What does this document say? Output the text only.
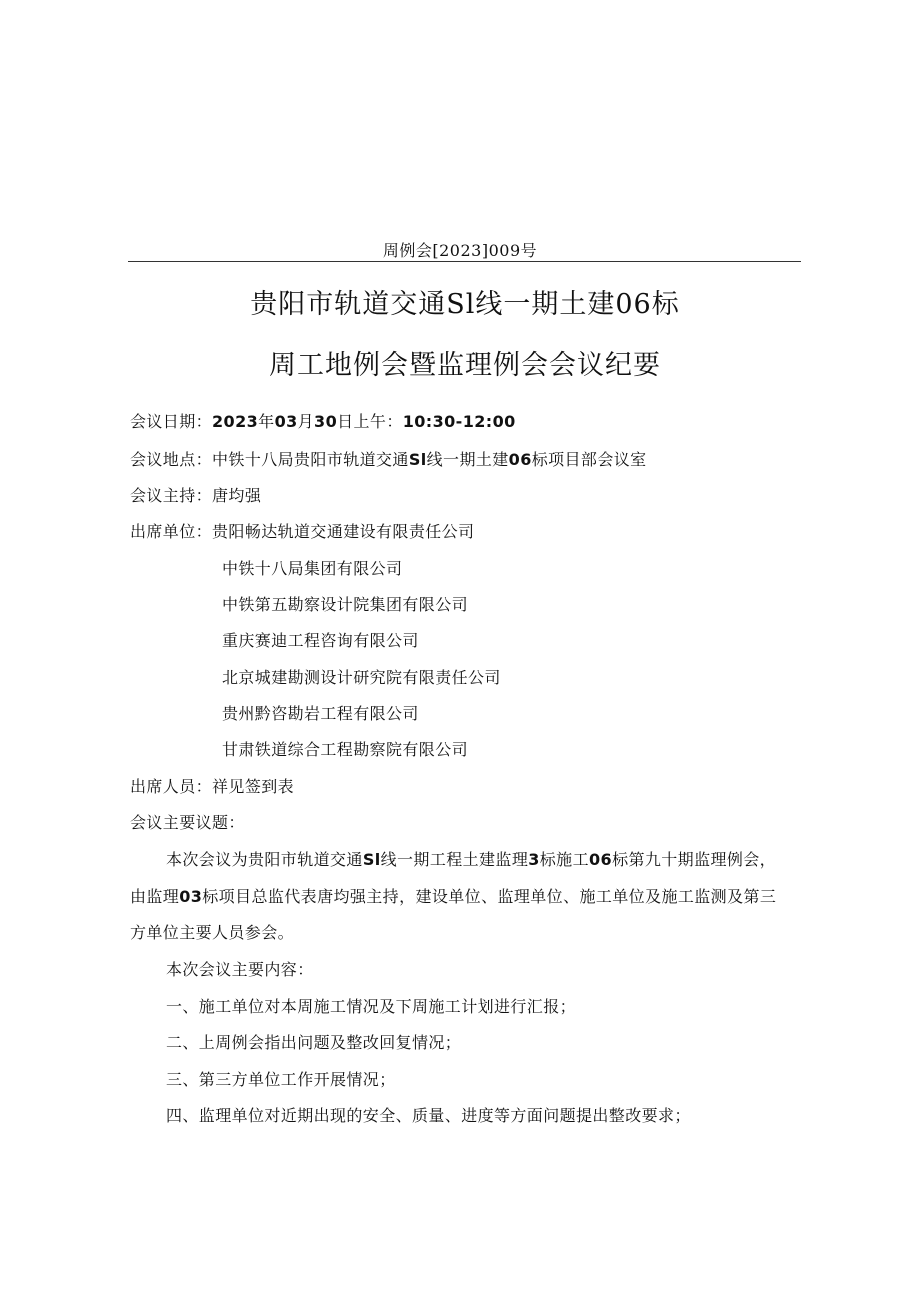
周例会[2023]009号
贵阳市轨道交通Sl线一期土建06标
周工地例会暨监理例会会议纪要
会议日期：2023年03月30日上午：10:30-12:00
会议地点：中铁十八局贵阳市轨道交通Sl线一期土建06标项目部会议室
会议主持：唐均强
出席单位：贵阳畅达轨道交通建设有限责任公司
中铁十八局集团有限公司
中铁第五勘察设计院集团有限公司
重庆赛迪工程咨询有限公司
北京城建勘测设计研究院有限责任公司
贵州黔咨勘岩工程有限公司
甘肃铁道综合工程勘察院有限公司
出席人员：祥见签到表
会议主要议题：
本次会议为贵阳市轨道交通Sl线一期工程土建监理3标施工06标第九十期监理例会，
由监理03标项目总监代表唐均强主持，建设单位、监理单位、施工单位及施工监测及第三
方单位主要人员参会。
本次会议主要内容：
一、施工单位对本周施工情况及下周施工计划进行汇报；
二、上周例会指出问题及整改回复情况；
三、第三方单位工作开展情况；
四、监理单位对近期出现的安全、质量、进度等方面问题提出整改要求；
